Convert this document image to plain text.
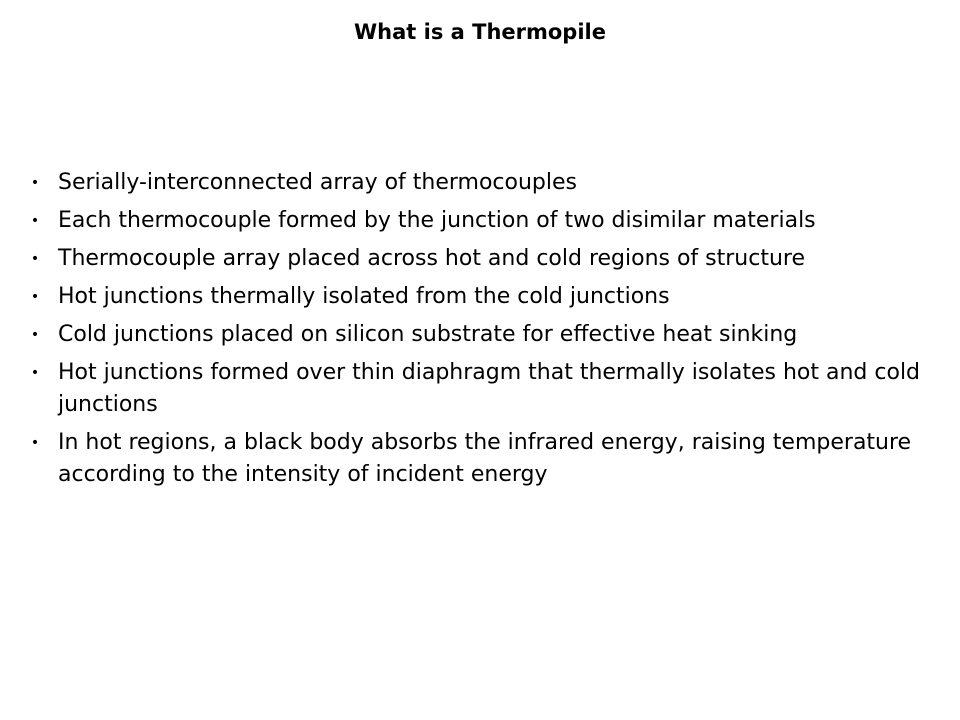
What is a Thermopile
• Serially-interconnected array of thermocouples
• Each thermocouple formed by the junction of two disimilar materials
• Thermocouple array placed across hot and cold regions of structure
• Hot junctions thermally isolated from the cold junctions
• Cold junctions placed on silicon substrate for effective heat sinking
• Hot junctions formed over thin diaphragm that thermally isolates hot and cold junctions
• In hot regions, a black body absorbs the infrared energy, raising temperature according to the intensity of incident energy
